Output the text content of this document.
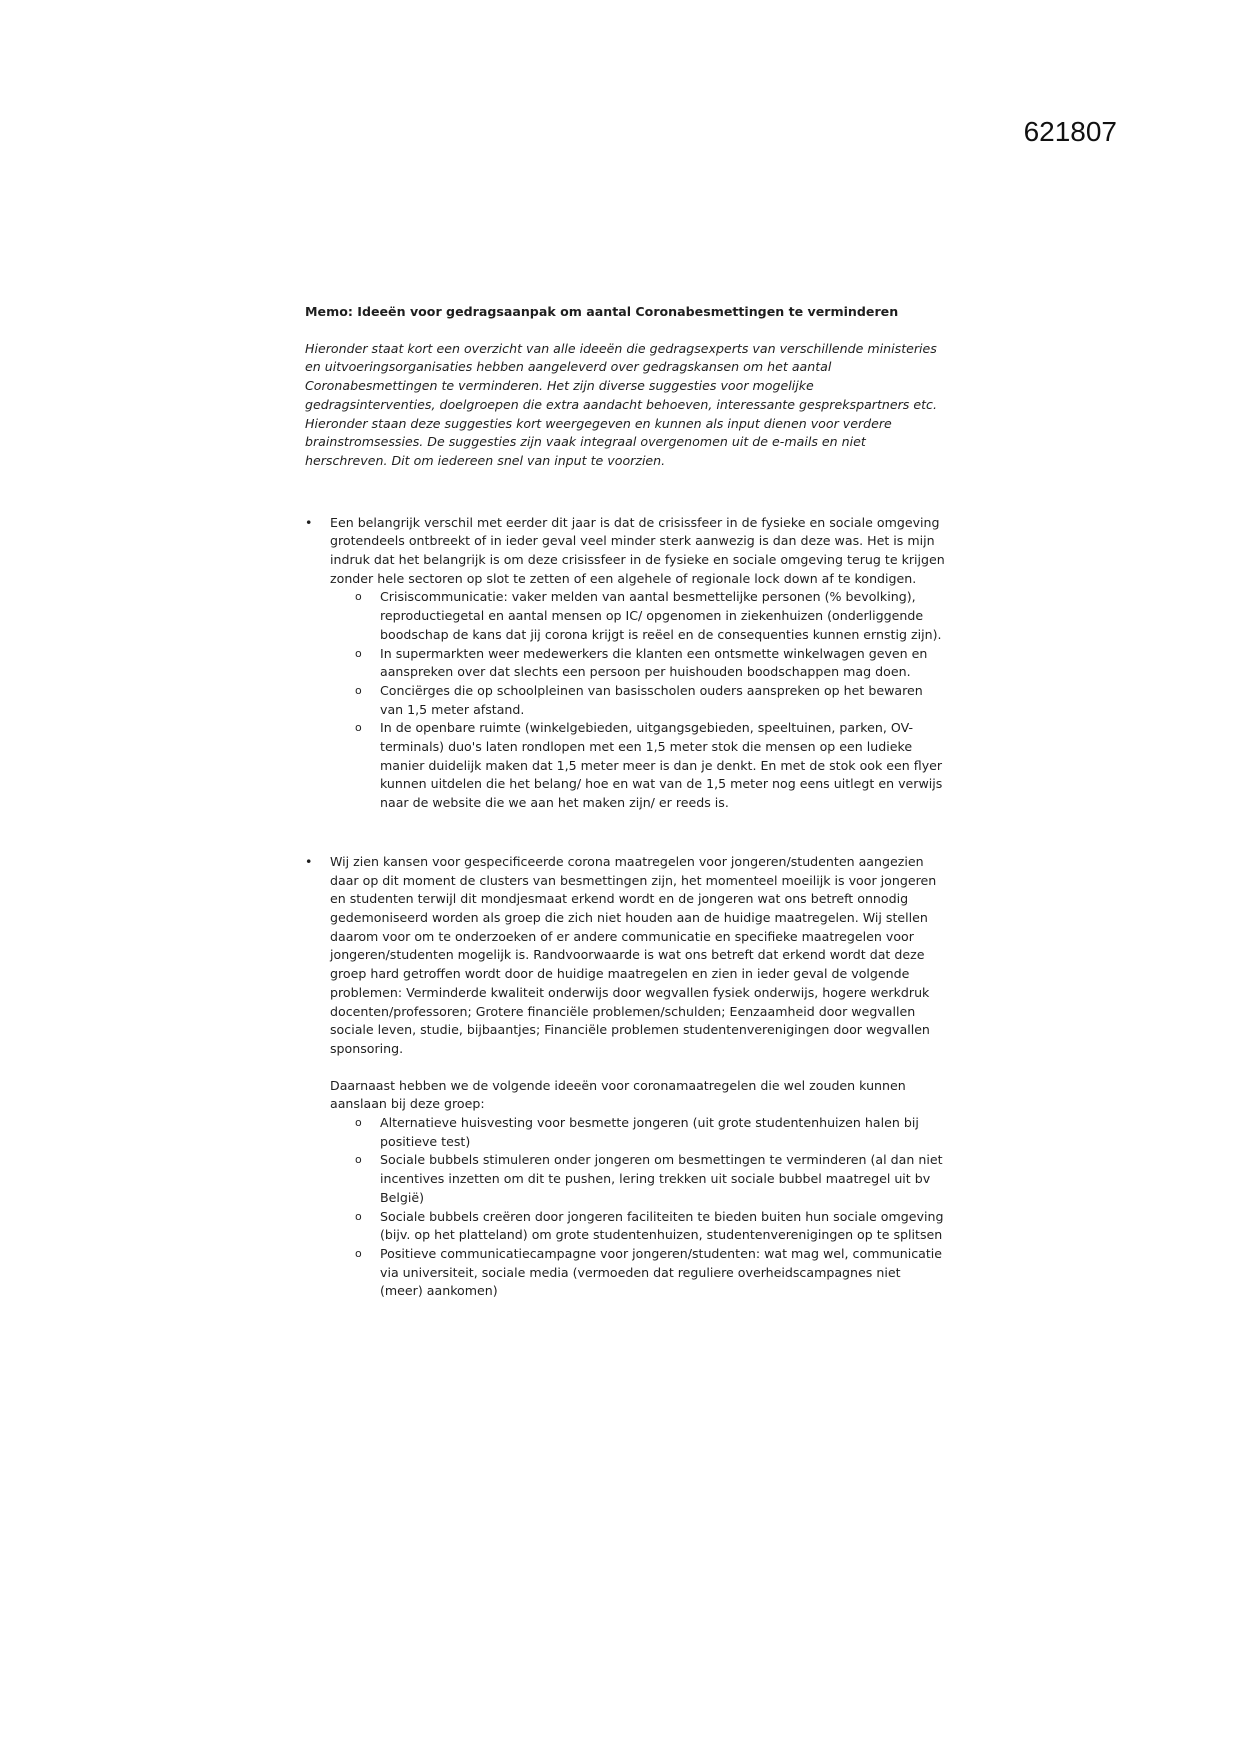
621807

Memo: Ideeën voor gedragsaanpak om aantal Coronabesmettingen te verminderen

Hieronder staat kort een overzicht van alle ideeën die gedragsexperts van verschillende ministeries en uitvoeringsorganisaties hebben aangeleverd over gedragskansen om het aantal Coronabesmettingen te verminderen. Het zijn diverse suggesties voor mogelijke gedragsinterventies, doelgroepen die extra aandacht behoeven, interessante gesprekspartners etc. Hieronder staan deze suggesties kort weergegeven en kunnen als input dienen voor verdere brainstromsessies. De suggesties zijn vaak integraal overgenomen uit de e-mails en niet herschreven. Dit om iedereen snel van input te voorzien.

• Een belangrijk verschil met eerder dit jaar is dat de crisissfeer in de fysieke en sociale omgeving grotendeels ontbreekt of in ieder geval veel minder sterk aanwezig is dan deze was. Het is mijn indruk dat het belangrijk is om deze crisissfeer in de fysieke en sociale omgeving terug te krijgen zonder hele sectoren op slot te zetten of een algehele of regionale lock down af te kondigen.

o Crisiscommunicatie: vaker melden van aantal besmettelijke personen (% bevolking), reproductiegetal en aantal mensen op IC/ opgenomen in ziekenhuizen (onderliggende boodschap de kans dat jij corona krijgt is reëel en de consequenties kunnen ernstig zijn).
o In supermarkten weer medewerkers die klanten een ontsmette winkelwagen geven en aanspreken over dat slechts een persoon per huishouden boodschappen mag doen.
o Conciërges die op schoolpleinen van basisscholen ouders aanspreken op het bewaren van 1,5 meter afstand.
o In de openbare ruimte (winkelgebieden, uitgangsgebieden, speeltuinen, parken, OV-terminals) duo's laten rondlopen met een 1,5 meter stok die mensen op een ludieke manier duidelijk maken dat 1,5 meter meer is dan je denkt. En met de stok ook een flyer kunnen uitdelen die het belang/ hoe en wat van de 1,5 meter nog eens uitlegt en verwijs naar de website die we aan het maken zijn/ er reeds is.
• Wij zien kansen voor gespecificeerde corona maatregelen voor jongeren/studenten aangezien daar op dit moment de clusters van besmettingen zijn, het momenteel moeilijk is voor jongeren en studenten terwijl dit mondjesmaat erkend wordt en de jongeren wat ons betreft onnodig gedemoniseerd worden als groep die zich niet houden aan de huidige maatregelen. Wij stellen daarom voor om te onderzoeken of er andere communicatie en specifieke maatregelen voor jongeren/studenten mogelijk is. Randvoorwaarde is wat ons betreft dat erkend wordt dat deze groep hard getroffen wordt door de huidige maatregelen en zien in ieder geval de volgende problemen: Verminderde kwaliteit onderwijs door wegvallen fysiek onderwijs, hogere werkdruk docenten/professoren; Grotere financiële problemen/schulden; Eenzaamheid door wegvallen sociale leven, studie, bijbaantjes; Financiële problemen studentenverenigingen door wegvallen sponsoring.

Daarnaast hebben we de volgende ideeën voor coronamaatregelen die wel zouden kunnen aanslaan bij deze groep:

o Alternatieve huisvesting voor besmette jongeren (uit grote studentenhuizen halen bij positieve test)
o Sociale bubbels stimuleren onder jongeren om besmettingen te verminderen (al dan niet incentives inzetten om dit te pushen, lering trekken uit sociale bubbel maatregel uit bv België)
o Sociale bubbels creëren door jongeren faciliteiten te bieden buiten hun sociale omgeving (bijv. op het platteland) om grote studentenhuizen, studentenverenigingen op te splitsen
o Positieve communicatiecampagne voor jongeren/studenten: wat mag wel, communicatie via universiteit, sociale media (vermoeden dat reguliere overheidscampagnes niet (meer) aankomen)
